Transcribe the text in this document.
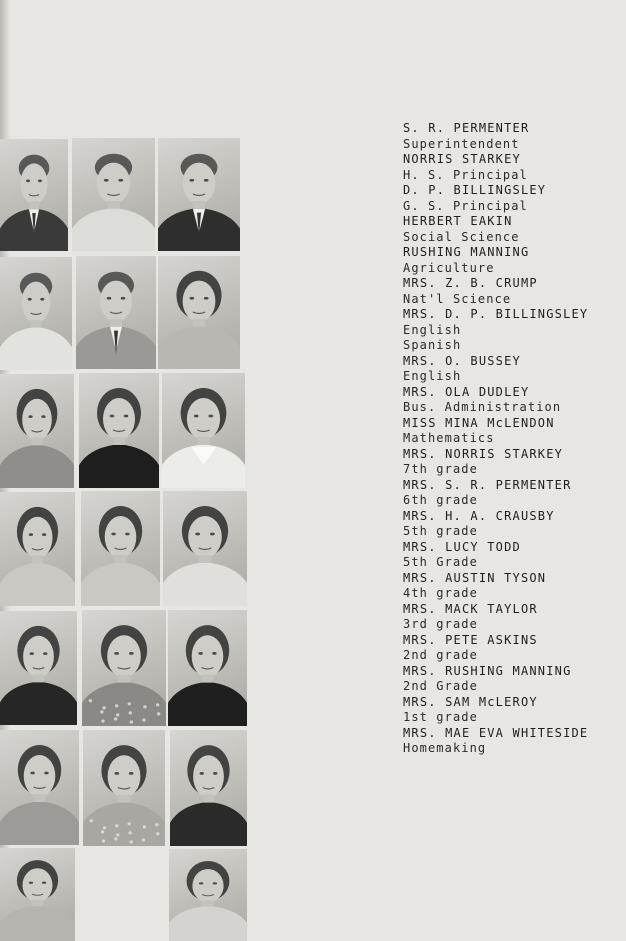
S. R. PERMENTER
Superintendent
NORRIS STARKEY
H. S. Principal
D. P. BILLINGSLEY
G. S. Principal
HERBERT EAKIN
Social Science
RUSHING MANNING
Agriculture
MRS. Z. B. CRUMP
Nat'l Science
MRS. D. P. BILLINGSLEY
English
Spanish
MRS. O. BUSSEY
English
MRS. OLA DUDLEY
Bus. Administration
MISS MINA McLENDON
Mathematics
MRS. NORRIS STARKEY
7th grade
MRS. S. R. PERMENTER
6th grade
MRS. H. A. CRAUSBY
5th grade
MRS. LUCY TODD
5th Grade
MRS. AUSTIN TYSON
4th grade
MRS. MACK TAYLOR
3rd grade
MRS. PETE ASKINS
2nd grade
MRS. RUSHING MANNING
2nd Grade
MRS. SAM McLEROY
1st grade
MRS. MAE EVA WHITESIDE
Homemaking
